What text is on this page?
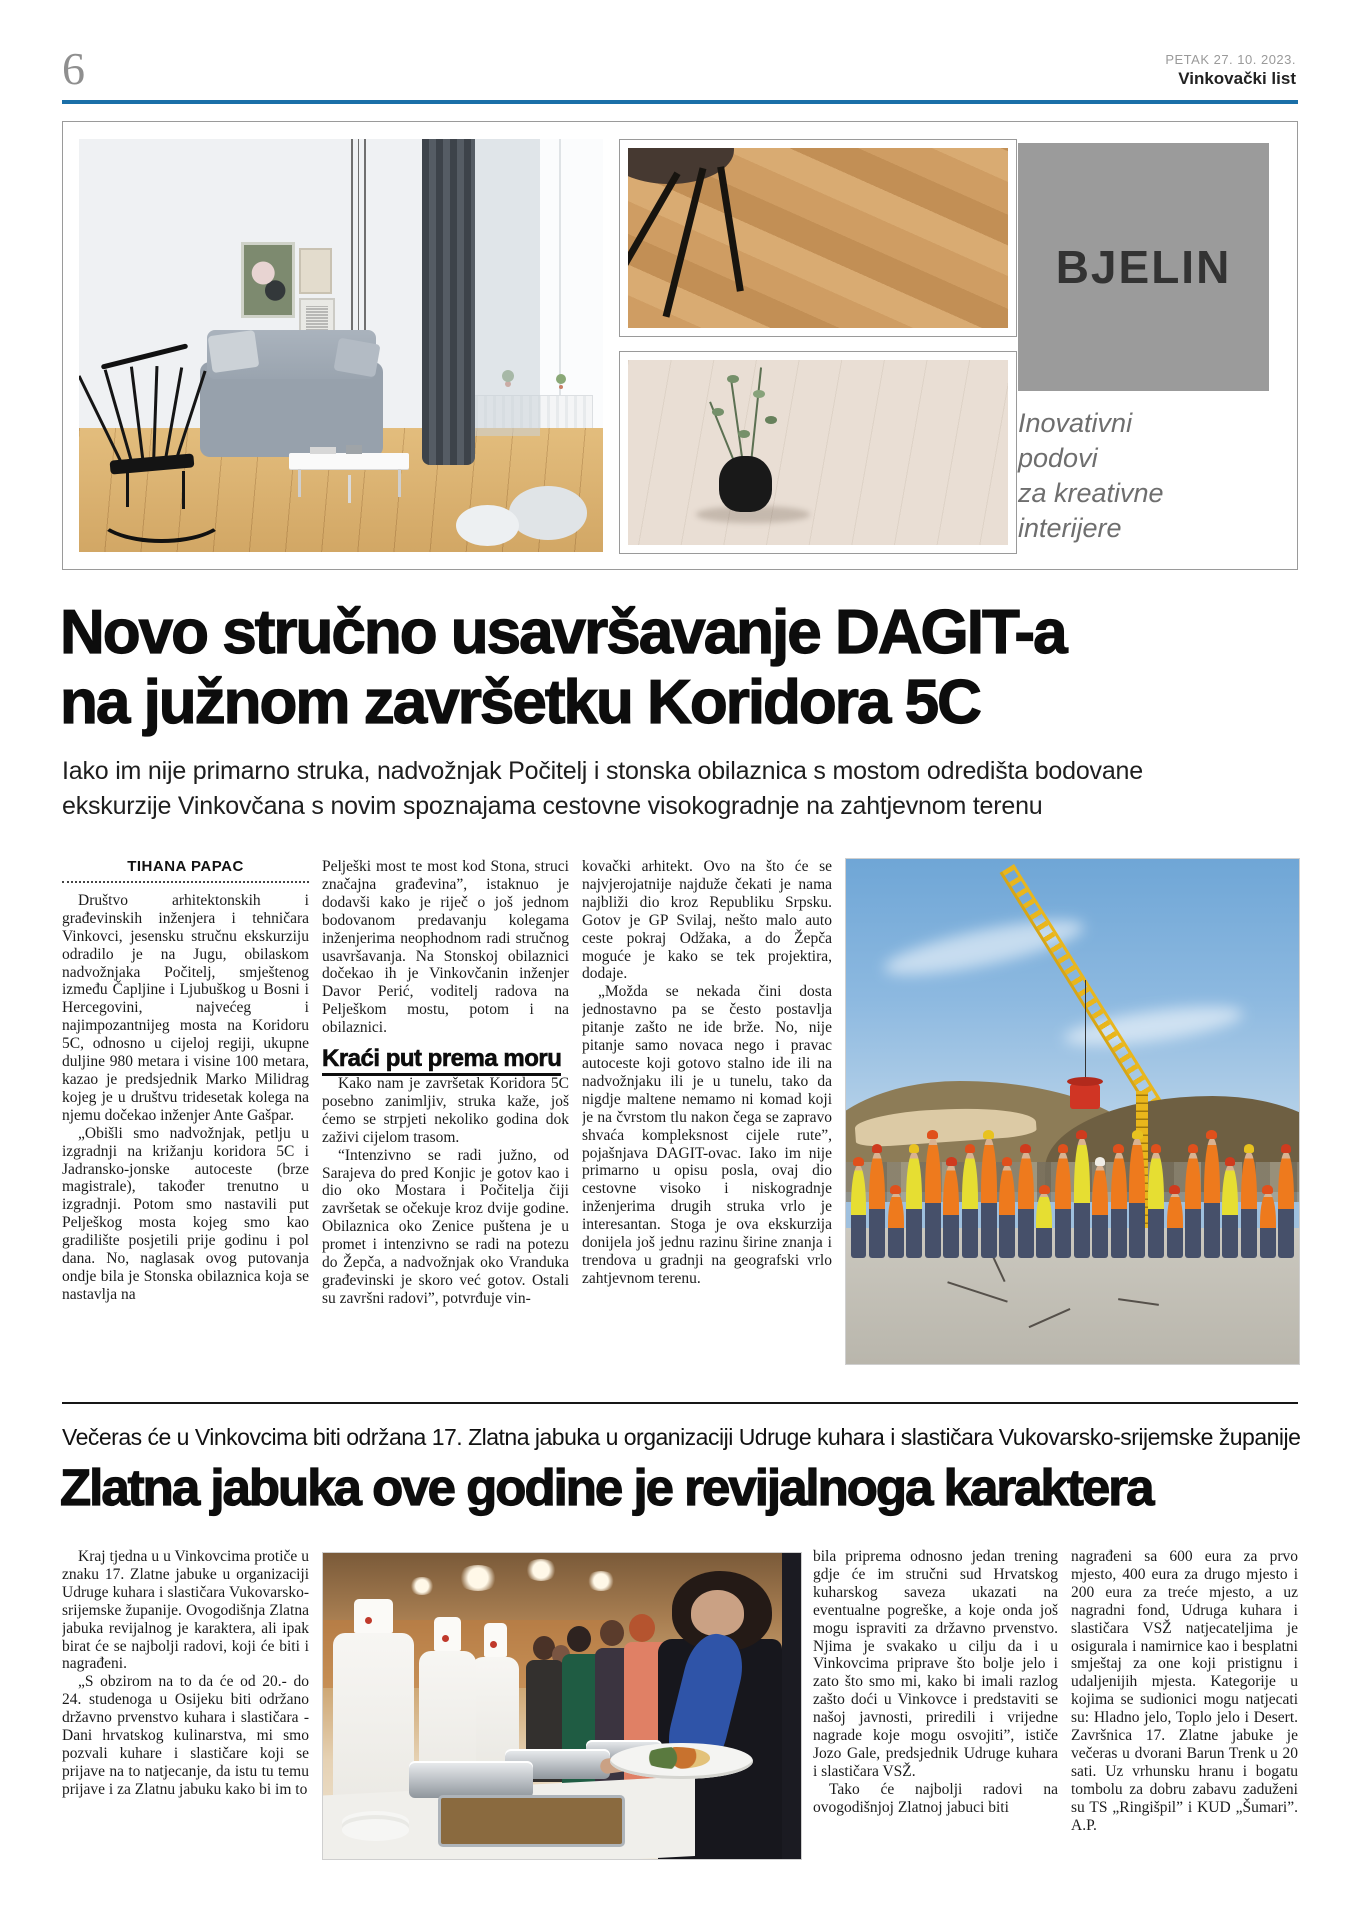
6	PETAK 27. 10. 2023.
Vinkovački list
BJELIN
Inovativni
podovi
za kreativne
interijere
Novo stručno usavršavanje DAGIT-a
na južnom završetku Koridora 5C
Iako im nije primarno struka, nadvožnjak Počitelj i stonska obilaznica s mostom odredišta bodovane
ekskurzije Vinkovčana s novim spoznajama cestovne visokogradnje na zahtjevnom terenu
TIHANA PAPAC

Društvo arhitektonskih i građevinskih inženjera i tehničara Vinkovci, jesensku stručnu ekskurziju odradilo je na Jugu, obilaskom nadvožnjaka Počitelj, smještenog između Čapljine i Ljubuškog u Bosni i Hercegovini, najvećeg i najimpozantnijeg mosta na Koridoru 5C, odnosno u cijeloj regiji, ukupne duljine 980 metara i visine 100 metara, kazao je predsjednik Marko Milidrag kojeg je u društvu tridesetak kolega na njemu dočekao inženjer Ante Gašpar.

„Obišli smo nadvožnjak, petlju u izgradnji na križanju koridora 5C i Jadransko-jonske autoceste (brze magistrale), također trenutno u izgradnji. Potom smo nastavili put Pelješkog mosta kojeg smo kao gradilište posjetili prije godinu i pol dana. No, naglasak ovog putovanja ondje bila je Stonska obilaznica koja se nastavlja na

Pelješki most te most kod Stona, struci značajna građevina”, istaknuo je dodavši kako je riječ o još jednom bodovanom predavanju kolegama inženjerima neophodnom radi stručnog usavršavanja. Na Stonskoj obilaznici dočekao ih je Vinkovčanin inženjer Davor Perić, voditelj radova na Pelješkom mostu, potom i na obilaznici.

Kraći put prema moru

Kako nam je završetak Koridora 5C posebno zanimljiv, struka kaže, još ćemo se strpjeti nekoliko godina dok zaživi cijelom trasom.

“Intenzivno se radi južno, od Sarajeva do pred Konjic je gotov kao i dio oko Mostara i Počitelja čiji završetak se očekuje kroz dvije godine. Obilaznica oko Zenice puštena je u promet i intenzivno se radi na potezu do Žepča, a nadvožnjak oko Vranduka građevinski je skoro već gotov. Ostali su završni radovi”, potvrđuje vin-

kovački arhitekt. Ovo na što će se najvjerojatnije najduže čekati je nama najbliži dio kroz Republiku Srpsku. Gotov je GP Svilaj, nešto malo auto ceste pokraj Odžaka, a do Žepča moguće je kako se tek projektira, dodaje.

„Možda se nekada čini dosta jednostavno pa se često postavlja pitanje zašto ne ide brže. No, nije pitanje samo novaca nego i pravac autoceste koji gotovo stalno ide ili na nadvožnjaku ili je u tunelu, tako da nigdje maltene nemamo ni komad koji je na čvrstom tlu nakon čega se zapravo shvaća kompleksnost cijele rute”, pojašnjava DAGIT-ovac. Iako im nije primarno u opisu posla, ovaj dio cestovne visoko i niskogradnje inženjerima drugih struka vrlo je interesantan. Stoga je ova ekskurzija donijela još jednu razinu širine znanja i trendova u gradnji na geografski vrlo zahtjevnom terenu.

Večeras će u Vinkovcima biti održana 17. Zlatna jabuka u organizaciji Udruge kuhara i slastičara Vukovarsko-srijemske županije
Zlatna jabuka ove godine je revijalnoga karaktera

Kraj tjedna u u Vinkovcima protiče u znaku 17. Zlatne jabuke u organizaciji Udruge kuhara i slastičara Vukovarsko-srijemske županije. Ovogodišnja Zlatna jabuka revijalnog je karaktera, ali ipak birat će se najbolji radovi, koji će biti i nagrađeni.

„S obzirom na to da će od 20.- do 24. studenoga u Osijeku biti održano državno prvenstvo kuhara i slastičara - Dani hrvatskog kulinarstva, mi smo pozvali kuhare i slastičare koji se prijave na to natjecanje, da istu tu temu prijave i za Zlatnu jabuku kako bi im to

bila priprema odnosno jedan trening gdje će im stručni sud Hrvatskog kuharskog saveza ukazati na eventualne pogreške, a koje onda još mogu ispraviti za državno prvenstvo. Njima je svakako u cilju da i u Vinkovcima priprave što bolje jelo i zato što smo mi, kako bi imali razlog zašto doći u Vinkovce i predstaviti se našoj javnosti, priredili i vrijedne nagrade koje mogu osvojiti”, ističe Jozo Gale, predsjednik Udruge kuhara i slastičara VSŽ.

Tako će najbolji radovi na ovogodišnjoj Zlatnoj jabuci biti

nagrađeni sa 600 eura za prvo mjesto, 400 eura za drugo mjesto i 200 eura za treće mjesto, a uz nagradni fond, Udruga kuhara i slastičara VSŽ natjecateljima je osigurala i namirnice kao i besplatni smještaj za one koji pristignu i udaljenijih mjesta. Kategorije u kojima se sudionici mogu natjecati su: Hladno jelo, Toplo jelo i Desert. Završnica 17. Zlatne jabuke je večeras u dvorani Barun Trenk u 20 sati. Uz vrhunsku hranu i bogatu tombolu za dobru zabavu zaduženi su TS „Ringišpil” i KUD „Šumari”. A.P.
